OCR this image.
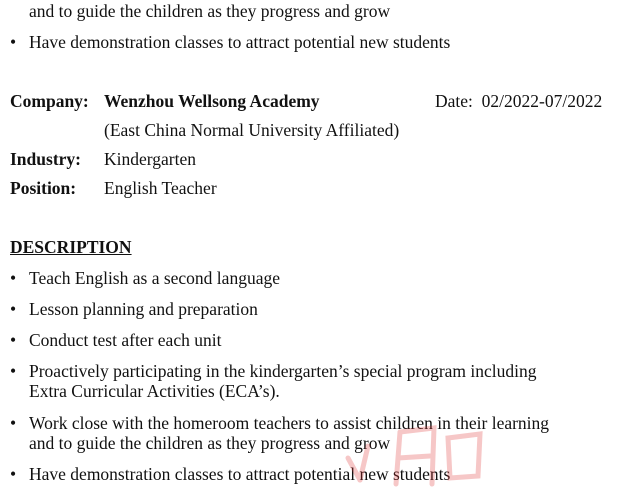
and to guide the children as they progress and grow
• Have demonstration classes to attract potential new students
Company: Wenzhou Wellsong Academy	Date: 02/2022-07/2022
(East China Normal University Affiliated)
Industry: Kindergarten
Position: English Teacher
DESCRIPTION
• Teach English as a second language
• Lesson planning and preparation
• Conduct test after each unit
• Proactively participating in the kindergarten’s special program including
Extra Curricular Activities (ECA’s).
• Work close with the homeroom teachers to assist children in their learning
and to guide the children as they progress and grow
• Have demonstration classes to attract potential new students
